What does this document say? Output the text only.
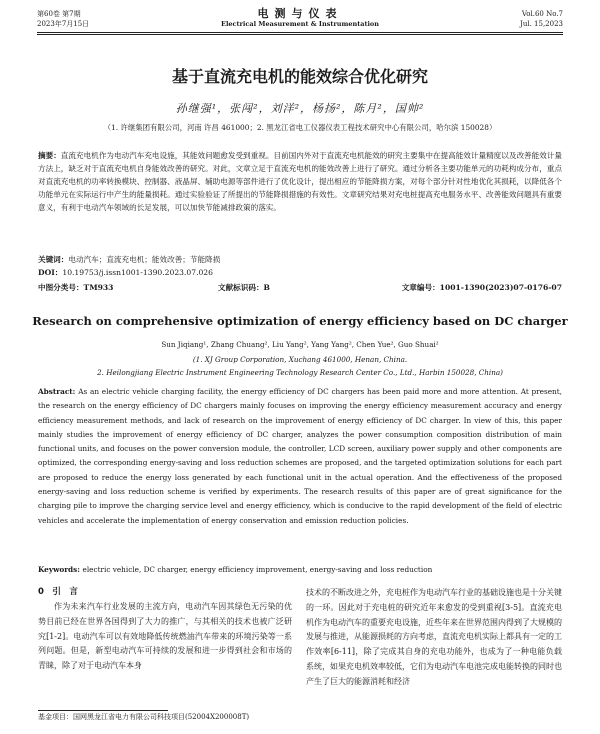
第60卷 第7期
2023年7月15日
电测与仪表
Electrical Measurement & Instrumentation
Vol.60 No.7
Jul. 15,2023
基于直流充电机的能效综合优化研究
孙继强¹，张闯²，刘洋²，杨扬²，陈月²，国帅²
（1. 许继集团有限公司，河南 许昌 461000；2. 黑龙江省电工仪器仪表工程技术研究中心有限公司，哈尔滨 150028）
摘要：直流充电机作为电动汽车充电设施，其能效问题愈发受到重视。目前国内外对于直流充电机能效的研究主要集中在提高能效计量精度以及改善能效计量方法上，缺乏对于直流充电机自身能效改善的研究。对此，文章立足于直流充电机的能效改善上进行了研究。通过分析各主要功能单元的功耗构成分布，重点对直流充电机的功率转换模块、控制器、液晶屏、辅助电源等部件进行了优化设计，提出相应的节能降损方案，对每个部分针对性地优化其损耗，以降低各个功能单元在实际运行中产生的能量损耗。通过实验验证了所提出的节能降损措施的有效性。文章研究结果对充电桩提高充电服务水平、改善能效问题具有重要意义，有利于电动汽车领域的长足发展，可以加快节能减排政策的落实。
关键词：电动汽车；直流充电机；能效改善；节能降损
DOI：10.19753/j.issn1001-1390.2023.07.026
中图分类号：TM933	文献标识码：B	文章编号：1001-1390(2023)07-0176-07
Research on comprehensive optimization of energy efficiency based on DC charger
Sun Jiqiang¹, Zhang Chuang², Liu Yang², Yang Yang², Chen Yue², Guo Shuai²
(1. XJ Group Corporation, Xuchang 461000, Henan, China.
2. Heilongjiang Electric Instrument Engineering Technology Research Center Co., Ltd., Harbin 150028, China)
Abstract: As an electric vehicle charging facility, the energy efficiency of DC chargers has been paid more and more attention. At present, the research on the energy efficiency of DC chargers mainly focuses on improving the energy efficiency measurement accuracy and energy efficiency measurement methods, and lack of research on the improvement of energy efficiency of DC charger. In view of this, this paper mainly studies the improvement of energy efficiency of DC charger, analyzes the power consumption composition distribution of main functional units, and focuses on the power conversion module, the controller, LCD screen, auxiliary power supply and other components are optimized, the corresponding energy-saving and loss reduction schemes are proposed, and the targeted optimization solutions for each part are proposed to reduce the energy loss generated by each functional unit in the actual operation. And the effectiveness of the proposed energy-saving and loss reduction scheme is verified by experiments. The research results of this paper are of great significance for the charging pile to improve the charging service level and energy efficiency, which is conducive to the rapid development of the field of electric vehicles and accelerate the implementation of energy conservation and emission reduction policies.
Keywords: electric vehicle, DC charger, energy efficiency improvement, energy-saving and loss reduction
0　引　言
作为未来汽车行业发展的主流方向，电动汽车因其绿色无污染的优势目前已经在世界各国得到了大力的推广，与其相关的技术也被广泛研究[1-2]。电动汽车可以有效地降低传统燃油汽车带来的环境污染等一系列问题。但是，新型电动汽车可持续的发展和进一步得到社会和市场的青睐，除了对于电动汽车本身
技术的不断改进之外，充电桩作为电动汽车行业的基础设施也是十分关键的一环。因此对于充电桩的研究近年来愈发的受到重视[3-5]。直流充电机作为电动汽车的重要充电设施，近些年来在世界范围内得到了大规模的发展与推进，从能源损耗的方向考虑，直流充电机实际上都具有一定的工作效率[6-11]，除了完成其自身的充电功能外，也成为了一种电能负载系统，如果充电机效率较低，它们为电动汽车电池完成电能转换的同时也产生了巨大的能源消耗和经济
基金项目：国网黑龙江省电力有限公司科技项目(52004X200008T)
